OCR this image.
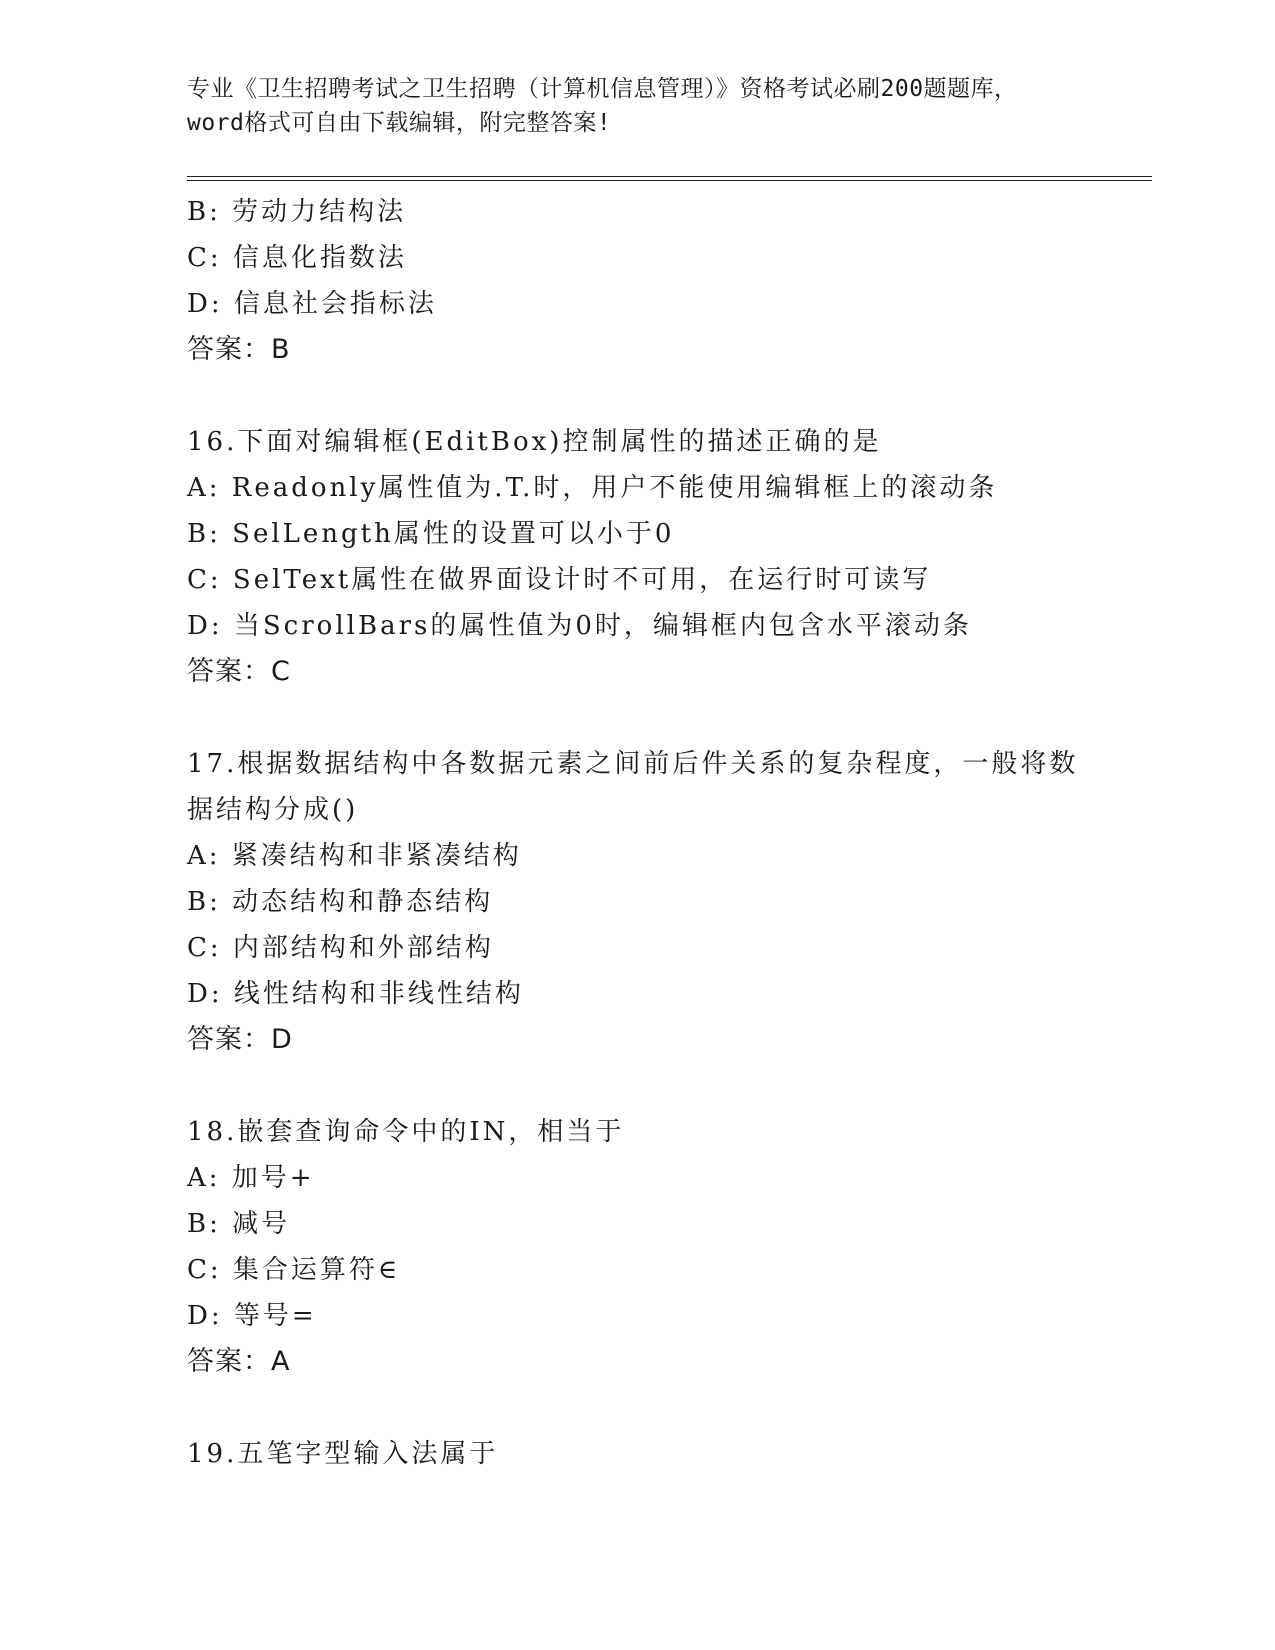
专业《卫生招聘考试之卫生招聘（计算机信息管理）》资格考试必刷200题题库，
word格式可自由下载编辑，附完整答案!
B: 劳动力结构法
C: 信息化指数法
D: 信息社会指标法
答案：B
16.下面对编辑框(EditBox)控制属性的描述正确的是
A: Readonly属性值为.T.时，用户不能使用编辑框上的滚动条
B: SelLength属性的设置可以小于0
C: SelText属性在做界面设计时不可用，在运行时可读写
D: 当ScrollBars的属性值为0时，编辑框内包含水平滚动条
答案：C
17.根据数据结构中各数据元素之间前后件关系的复杂程度，一般将数
据结构分成()
A: 紧凑结构和非紧凑结构
B: 动态结构和静态结构
C: 内部结构和外部结构
D: 线性结构和非线性结构
答案：D
18.嵌套查询命令中的IN，相当于
A: 加号+
B: 减号
C: 集合运算符∈
D: 等号=
答案：A
19.五笔字型输入法属于
